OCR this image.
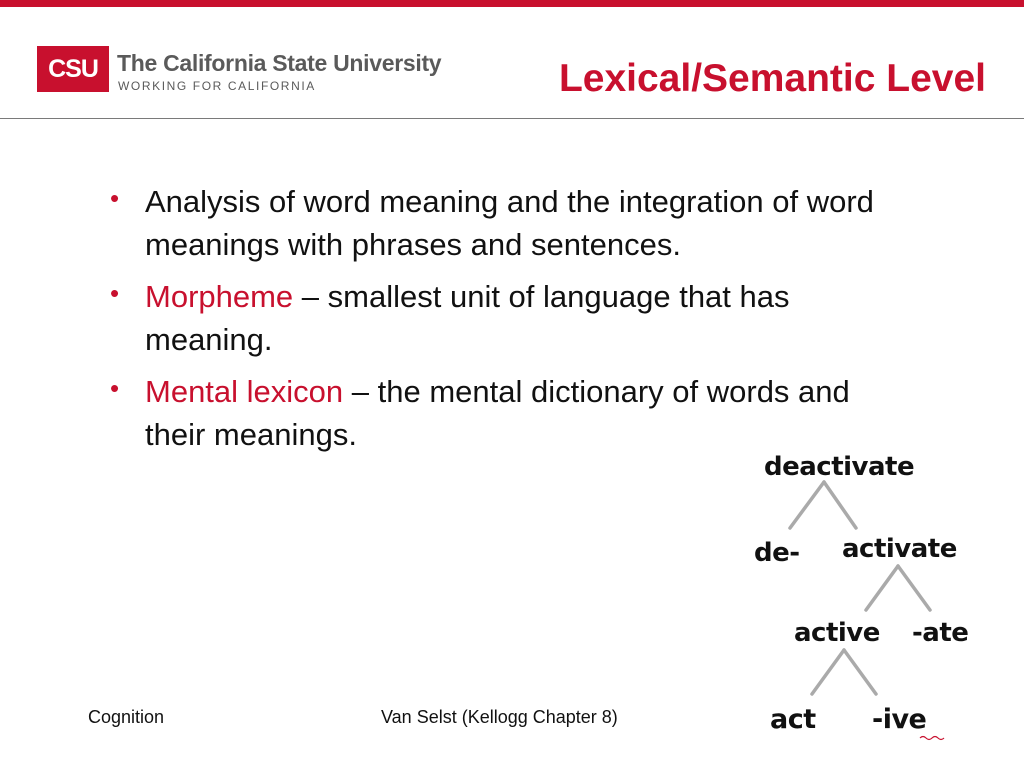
CSU The California State University
WORKING FOR CALIFORNIA	Lexical/Semantic Level
• Analysis of word meaning and the integration of word meanings with phrases and sentences.
• Morpheme – smallest unit of language that has meaning.
• Mental lexicon – the mental dictionary of words and their meanings.
deactivate
de- activate
active -ate
act -ive
Cognition	Van Selst (Kellogg Chapter 8)
